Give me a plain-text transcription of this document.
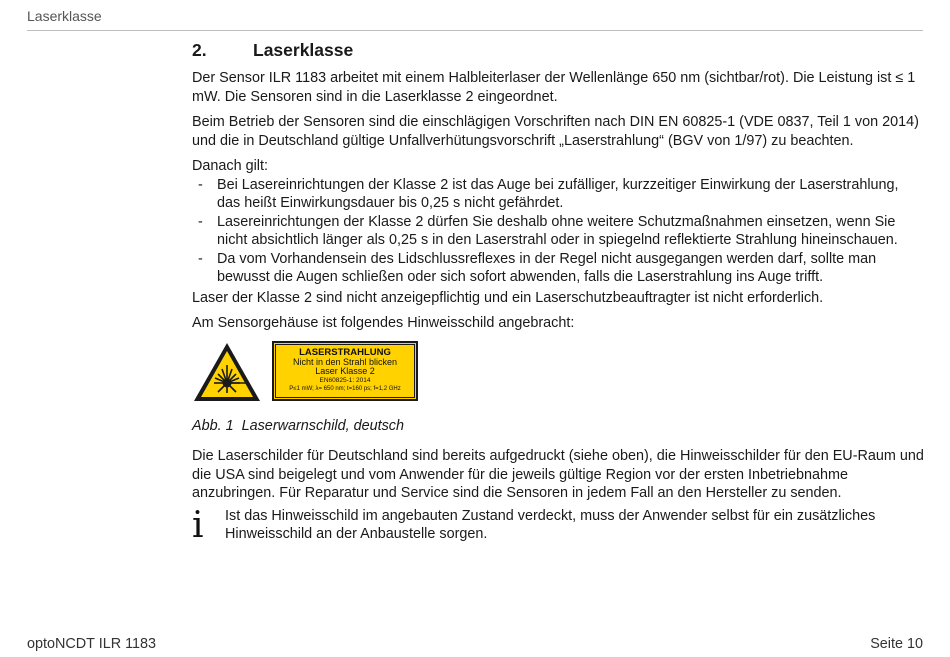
Laserklasse
2.	Laserklasse

Der Sensor ILR 1183 arbeitet mit einem Halbleiterlaser der Wellenlänge 650 nm (sichtbar/rot). Die Leistung ist ≤ 1 mW. Die Sensoren sind in die Laserklasse 2 eingeordnet.

Beim Betrieb der Sensoren sind die einschlägigen Vorschriften nach DIN EN 60825-1 (VDE 0837, Teil 1 von 2014) und die in Deutschland gültige Unfallverhütungsvorschrift „Laserstrahlung“ (BGV von 1/97) zu beachten.

Danach gilt:

- Bei Lasereinrichtungen der Klasse 2 ist das Auge bei zufälliger, kurzzeitiger Einwirkung der Laserstrahlung, das heißt Einwirkungsdauer bis 0,25 s nicht gefährdet.
- Lasereinrichtungen der Klasse 2 dürfen Sie deshalb ohne weitere Schutzmaßnahmen einsetzen, wenn Sie nicht absichtlich länger als 0,25 s in den Laserstrahl oder in spiegelnd reflektierte Strahlung hineinschauen.
- Da vom Vorhandensein des Lidschlussreflexes in der Regel nicht ausgegangen werden darf, sollte man bewusst die Augen schließen oder sich sofort abwenden, falls die Laserstrahlung ins Auge trifft.

Laser der Klasse 2 sind nicht anzeigepflichtig und ein Laserschutzbeauftragter ist nicht erforderlich.

Am Sensorgehäuse ist folgendes Hinweisschild angebracht:

LASERSTRAHLUNG
Nicht in den Strahl blicken
Laser Klasse 2
EN60825-1: 2014
P≤1 mW; λ= 650 nm; t=160 ps; f=1,2 GHz

Abb. 1 Laserwarnschild, deutsch

Die Laserschilder für Deutschland sind bereits aufgedruckt (siehe oben), die Hinweisschilder für den EU-Raum und die USA sind beigelegt und vom Anwender für die jeweils gültige Region vor der ersten Inbetriebnahme anzubringen. Für Reparatur und Service sind die Sensoren in jedem Fall an den Hersteller zu senden.

i	Ist das Hinweisschild im angebauten Zustand verdeckt, muss der Anwender selbst für ein zusätzliches Hinweisschild an der Anbaustelle sorgen.
optoNCDT ILR 1183	Seite 10
